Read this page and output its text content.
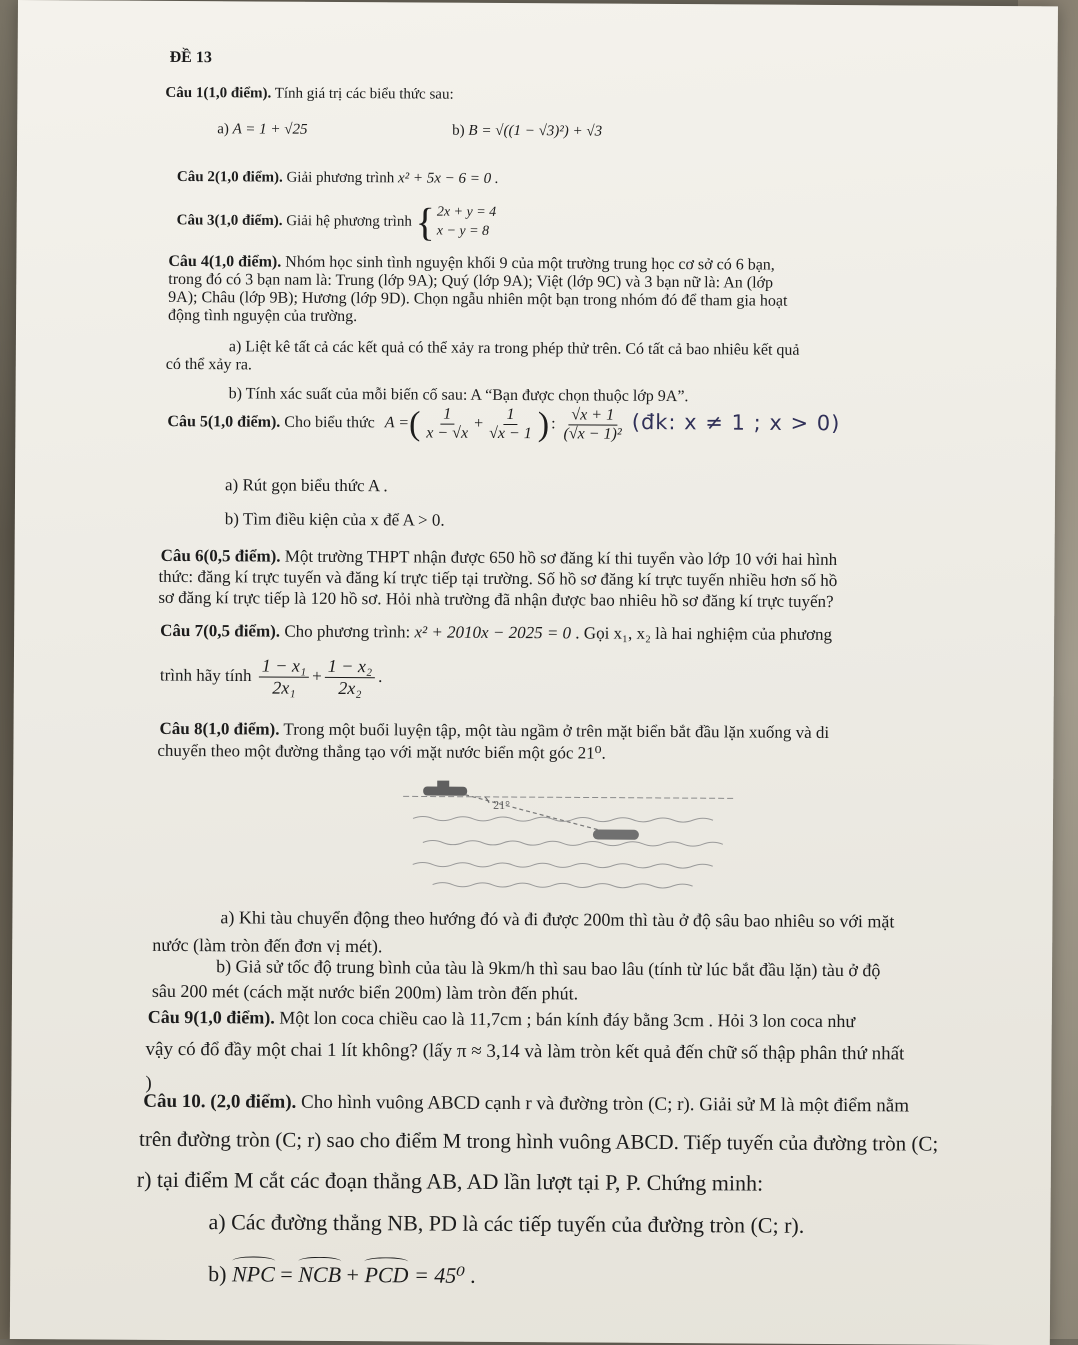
ĐỀ 13
Câu 1(1,0 điểm). Tính giá trị các biểu thức sau:
a) A = 1 + √25	b) B = √((1 − √3)²) + √3
Câu 2(1,0 điểm). Giải phương trình x² + 5x − 6 = 0 .
Câu 3(1,0 điểm). Giải hệ phương trình { 2x + y = 4
x − y = 8
Câu 4(1,0 điểm). Nhóm học sinh tình nguyện khối 9 của một trường trung học cơ sở có 6 bạn,
trong đó có 3 bạn nam là: Trung (lớp 9A); Quý (lớp 9A); Việt (lớp 9C) và 3 bạn nữ là: An (lớp
9A); Châu (lớp 9B); Hương (lớp 9D). Chọn ngẫu nhiên một bạn trong nhóm đó để tham gia hoạt
động tình nguyện của trường.
a) Liệt kê tất cả các kết quả có thể xảy ra trong phép thử trên. Có tất cả bao nhiêu kết quả
có thể xảy ra.
b) Tính xác suất của mỗi biến cố sau: A “Bạn được chọn thuộc lớp 9A”.
Câu 5(1,0 điểm). Cho biểu thức A =( $\frac{1}{x - √x} + \frac{1}{√x - 1}$ ) : $\frac{√x + 1}{\text{(√x − 1)²}}$ (đk: x ≠ 1 ; x > 0)
a) Rút gọn biểu thức A .
b) Tìm điều kiện của x để A > 0.
Câu 6(0,5 điểm). Một trường THPT nhận được 650 hồ sơ đăng kí thi tuyển vào lớp 10 với hai hình
thức: đăng kí trực tuyến và đăng kí trực tiếp tại trường. Số hồ sơ đăng kí trực tuyến nhiều hơn số hồ
sơ đăng kí trực tiếp là 120 hồ sơ. Hỏi nhà trường đã nhận được bao nhiêu hồ sơ đăng kí trực tuyến?
Câu 7(0,5 điểm). Cho phương trình: x² + 2010x − 2025 = 0 . Gọi x₁, x₂ là hai nghiệm của phương
trình hãy tính $\frac{\text{1 − x₁}}{\text{2x₁}} + \frac{\text{1 − x₂}}{\text{2x₂}}$ .
Câu 8(1,0 điểm). Trong một buổi luyện tập, một tàu ngầm ở trên mặt biển bắt đầu lặn xuống và di
chuyển theo một đường thẳng tạo với mặt nước biển một góc 21⁰.
21°
a) Khi tàu chuyển động theo hướng đó và đi được 200m thì tàu ở độ sâu bao nhiêu so với mặt
nước (làm tròn đến đơn vị mét).
b) Giả sử tốc độ trung bình của tàu là 9km/h thì sau bao lâu (tính từ lúc bắt đầu lặn) tàu ở độ
sâu 200 mét (cách mặt nước biển 200m) làm tròn đến phút.
Câu 9(1,0 điểm). Một lon coca chiều cao là 11,7cm ; bán kính đáy bằng 3cm . Hỏi 3 lon coca như
vậy có đổ đầy một chai 1 lít không? (lấy π ≈ 3,14 và làm tròn kết quả đến chữ số thập phân thứ nhất
)
Câu 10. (2,0 điểm). Cho hình vuông ABCD cạnh r và đường tròn (C; r). Giải sử M là một điểm nằm
trên đường tròn (C; r) sao cho điểm M trong hình vuông ABCD. Tiếp tuyến của đường tròn (C;
r) tại điểm M cắt các đoạn thẳng AB, AD lần lượt tại P, P. Chứng minh:
a) Các đường thẳng NB, PD là các tiếp tuyến của đường tròn (C; r).
b) NPC = NCB + PCD = 45⁰ .
